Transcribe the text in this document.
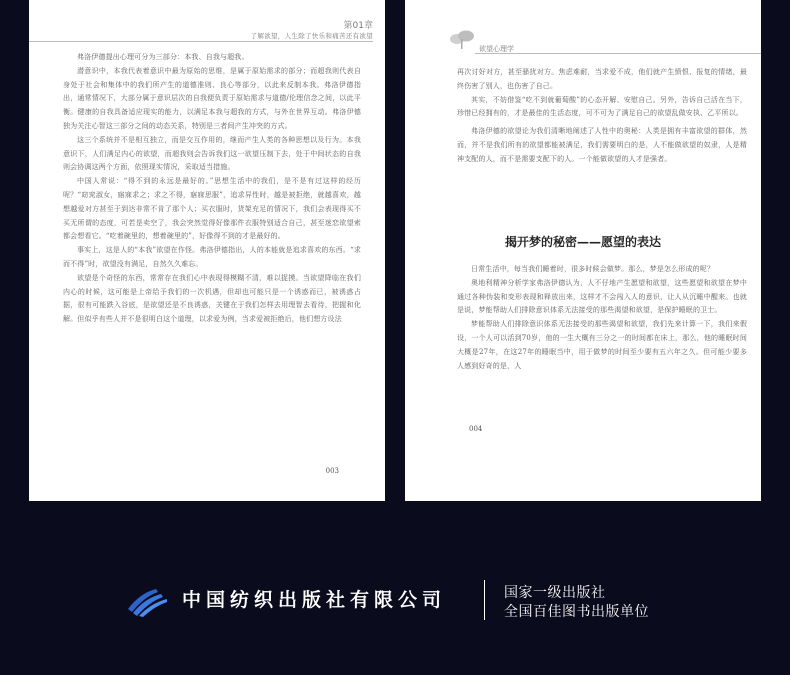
第01章
了解欲望，人生除了快乐和痛苦还有欲望

弗洛伊德提出心理可分为三部分：本我、自我与超我。

潜意识中，本我代表着意识中最为原始的思维，是属于原始需求的部分；而超我则代表自身处于社会和集体中的我们所产生的道德准则、良心等部分，以此来反制本我。弗洛伊德指出，通常情况下，大部分属于意识层次的自我便负责于原始需求与道德/伦理信念之间，以此平衡。健康的自我具备适应现实的能力，以满足本我与超我的方式，与外在世界互动。弗洛伊德独为关注心智这三部分之间的动态关系，特别是三者间产生冲突的方式。

这三个系统并不是相互独立，而是交互作用的，继而产生人类的各种思想以及行为。本我意识下，人们满足内心的欲望，而超我则会告诉我们这一欲望压制下去，处于中间状态的自我则会协调这两个方面，依照现实情况，采取适当措施。

中国人常说：“得不到的永远是最好的。”思想生活中的我们，是不是有过这样的经历呢？“窈窕淑女，寤寐求之；求之不得，寤寐思服”，追求异性时，越是被拒绝，就越喜欢，越想越爱对方甚至于到达非常不肯了那个人；买衣服时，货架充足的情况下，我们会表现得买不买无所谓的态度，可若是卖空了，我会突然觉得好像那件衣服特别适合自己，甚至迷恋欲望索都会想看它。“吃着碗里的，想着碗里的”，好像得不到的才是最好的。

事实上，这是人的“本我”欲望在作怪。弗洛伊德指出，人的本能就是追求喜欢的东西。“求而不得”时，欲望没有满足，自然久久难忘。

欲望是个奇怪的东西，常常存在我们心中表现得模糊不清，难以捉摸。当欲望降临在我们内心的时候，这可能是上帝给予我们的一次机遇，但却也可能只是一个诱惑而已，被诱惑占据，很有可能跌入谷底，是欲望还是不良诱惑，关键在于我们怎样去用理智去看待，把握和化解。但似乎有些人并不是很明白这个道理，以求爱为例，当求爱被拒绝后，他们想方设法

003
欲望心理学

再次讨好对方，甚至骚扰对方。焦虑难耐，当求爱不成，他们就产生愤恨、报复的情绪，最终伤害了别人，也伤害了自己。

其实，不妨借鉴“吃不到就葡萄酸”的心态开解、安慰自己。另外，告诉自己活在当下，珍惜已经拥有的，才是最佳的生活态度，可不可为了满足自己的欲望乱做安执、乙平所以。

弗洛伊德的欲望论为我们清晰地阐述了人性中的奥秘：人类是拥有丰富欲望的群体，然而，并不是我们所有的欲望都能被满足，我们需要明白的是，人不能做欲望的奴隶，人是精神支配的人，而不是需要支配下的人。一个能做欲望的人才是强者。

揭开梦的秘密——愿望的表达

日常生活中，每当我们睡着时，很多时候会做梦。那么，梦是怎么形成的呢？

奥地利精神分析学家弗洛伊德认为，人不仔地产生愿望和欲望，这些愿望和欲望在梦中通过各种伪装和变形表现和释放出来，这样才不会闯入人的意识，让人从沉睡中醒来。也就是说，梦能帮助人们排除意识体系无法接受的那些渴望和欲望，是保护睡眠的卫士。

梦能帮助人们排除意识体系无法接受的那些渴望和欲望，我们先来计算一下，我们来假设，一个人可以活到70岁，他的一生大概有三分之一的时间都在床上，那么，他的睡眠时间大概是27年，在这27年的睡眠当中，用于做梦的时间至少要有五六年之久。但可能少要多人感到好奇的是，人

004
中国纺织出版社有限公司	国家一级出版社
全国百佳图书出版单位
